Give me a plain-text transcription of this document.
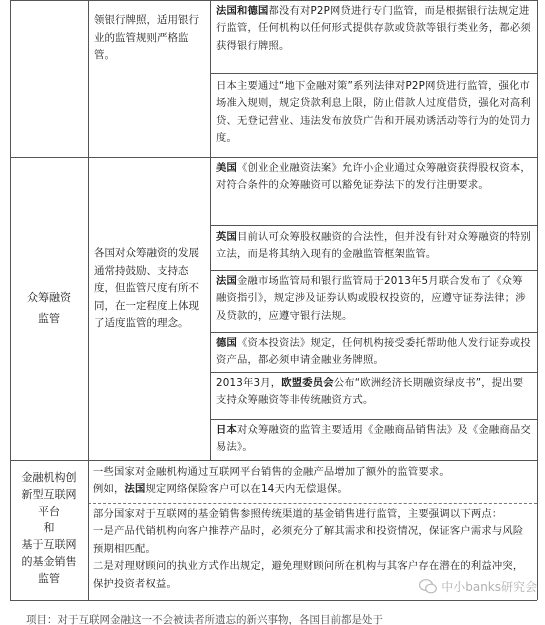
领银行牌照，适用银行业的监管规则严格监管。

法国和德国都没有对P2P网贷进行专门监管，而是根据银行法规定进行监管，任何机构以任何形式提供存款或贷款等银行类业务，都必须获得银行牌照。

日本主要通过“地下金融对策”系列法律对P2P网贷进行监管，强化市场准入规则，规定贷款利息上限，防止借款人过度借贷，强化对高利贷、无登记营业、违法发布放贷广告和开展劝诱活动等行为的处罚力度。

众筹融资
监管
各国对众筹融资的发展通常持鼓励、支持态度，但监管尺度有所不同，在一定程度上体现了适度监管的理念。

美国《创业企业融资法案》允许小企业通过众筹融资获得股权资本，对符合条件的众筹融资可以豁免证券法下的发行注册要求。

英国目前认可众筹股权融资的合法性，但并没有针对众筹融资的特别立法，而是将其纳入现有的金融监管框架监管。

法国金融市场监管局和银行监管局于2013年5月联合发布了《众筹融资指引》，规定涉及证券认购或股权投资的，应遵守证券法律；涉及贷款的，应遵守银行法规。

德国《资本投资法》规定，任何机构接受委托帮助他人发行证券或投资产品，都必须申请金融业务牌照。

2013年3月，欧盟委员会公布“欧洲经济长期融资绿皮书”，提出要支持众筹融资等非传统融资方式。

日本对众筹融资的监管主要适用《金融商品销售法》及《金融商品交易法》。

金融机构创
新型互联网
平台
和
基于互联网
的基金销售
监管

一些国家对金融机构通过互联网平台销售的金融产品增加了额外的监管要求。

例如，法国规定网络保险客户可以在14天内无偿退保。

部分国家对于互联网的基金销售参照传统渠道的基金销售进行监管，主要强调以下两点：

一是产品代销机构向客户推荐产品时，必须充分了解其需求和投资情况，保证客户需求与风险预期相匹配。

二是对理财顾问的执业方式作出规定，避免理财顾问所在机构与其客户存在潜在的利益冲突，保护投资者权益。	中小banks研究会
项目：对于互联网金融这一不会被读者所遗忘的新兴事物，各国目前都是处于
